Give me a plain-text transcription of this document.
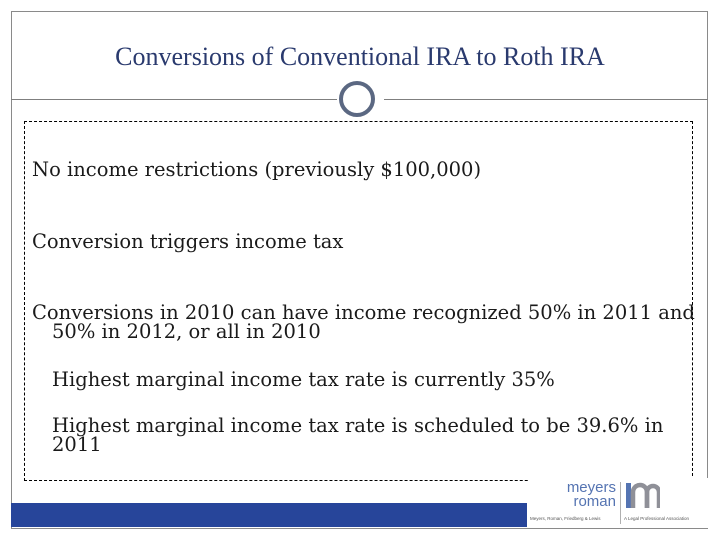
Conversions of Conventional IRA to Roth IRA
No income restrictions (previously $100,000)
Conversion triggers income tax
Conversions in 2010 can have income recognized 50% in 2011 and 50% in 2012, or all in 2010
Highest marginal income tax rate is currently 35%
Highest marginal income tax rate is scheduled to be 39.6% in 2011
meyers
roman
Meyers, Roman, Friedberg & Lewis	A Legal Professional Association
